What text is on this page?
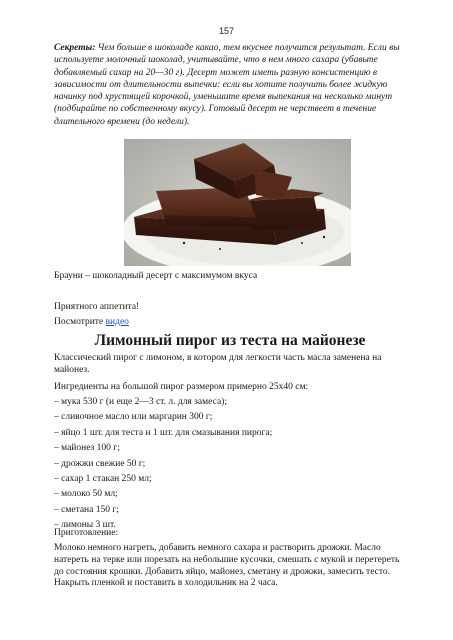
157

Секреты: Чем больше в шоколаде какао, тем вкуснее получится результат. Если вы используете молочный шоколад, учитывайте, что в нем много сахара (убавьте добавляемый сахар на 20—30 г). Десерт может иметь разную консистенцию в зависимости от длительности выпечки: если вы хотите получить более жидкую начинку под хрустящей корочкой, уменьшите время выпекания на несколько минут (подбирайте по собственному вкусу). Готовый десерт не черствеет в течение длительного времени (до недели).

Брауни – шоколадный десерт с максимумом вкуса

Приятного аппетита!

Посмотрите видео

Лимонный пирог из теста на майонезе

Классический пирог с лимоном, в котором для легкости часть масла заменена на майонез.

Ингредиенты на большой пирог размером примерно 25х40 см:

– мука 530 г (и еще 2—3 ст. л. для замеса);
– сливочное масло или маргарин 300 г;
– яйцо 1 шт. для теста и 1 шт. для смазывания пирога;
– майонез 100 г;
– дрожжи свежие 50 г;
– сахар 1 стакан 250 мл;
– молоко 50 мл;
– сметана 150 г;
– лимоны 3 шт.

Приготовление:

Молоко немного нагреть, добавить немного сахара и растворить дрожжи. Масло натереть на терке или порезать на небольшие кусочки, смешать с мукой и перетереть до состояния крошки. Добавить яйцо, майонез, сметану и дрожжи, замесить тесто. Накрыть пленкой и поставить в холодильник на 2 часа.
